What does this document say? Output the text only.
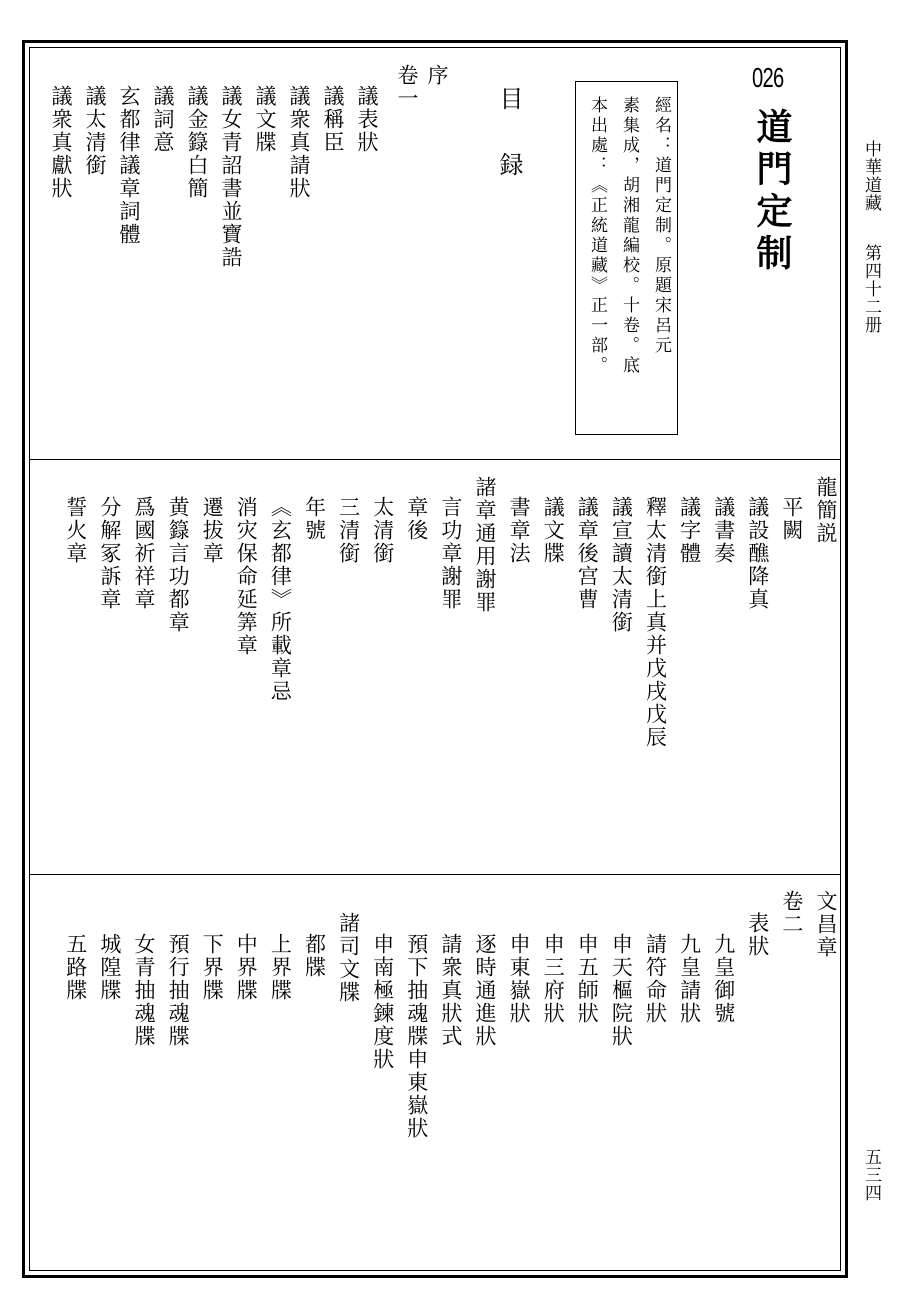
中華道藏
第四十二册
五三四
026
道門定制
經名：道門定制。原題宋呂元
素集成，胡湘龍編校。十卷。底
本出處：《正統道藏》正一部。
目録
序
卷一
議表狀
議稱臣
議衆真請狀
議文牒
議女青詔書並寶誥
議金籙白簡
議詞意
玄都律議章詞體
議太清銜
議衆真獻狀
龍簡説
平闕
議設醮降真
議書奏
議字體
釋太清銜上真并戊戌戊辰
議宣讀太清銜
議章後宫曹
議文牒
書章法
諸章通用謝罪
言功章謝罪
章後
太清銜
三清銜
年號
《玄都律》所載章忌
消灾保命延筭章
遷拔章
黄籙言功都章
爲國祈祥章
分解冢訴章
誓火章
文昌章
卷二
表狀
九皇御號
九皇請狀
請符命狀
申天樞院狀
申五師狀
申三府狀
申東嶽狀
逐時通進狀
請衆真狀式
預下抽魂牒申東嶽狀
申南極鍊度狀
諸司文牒
都牒
上界牒
中界牒
下界牒
預行抽魂牒
女青抽魂牒
城隍牒
五路牒
